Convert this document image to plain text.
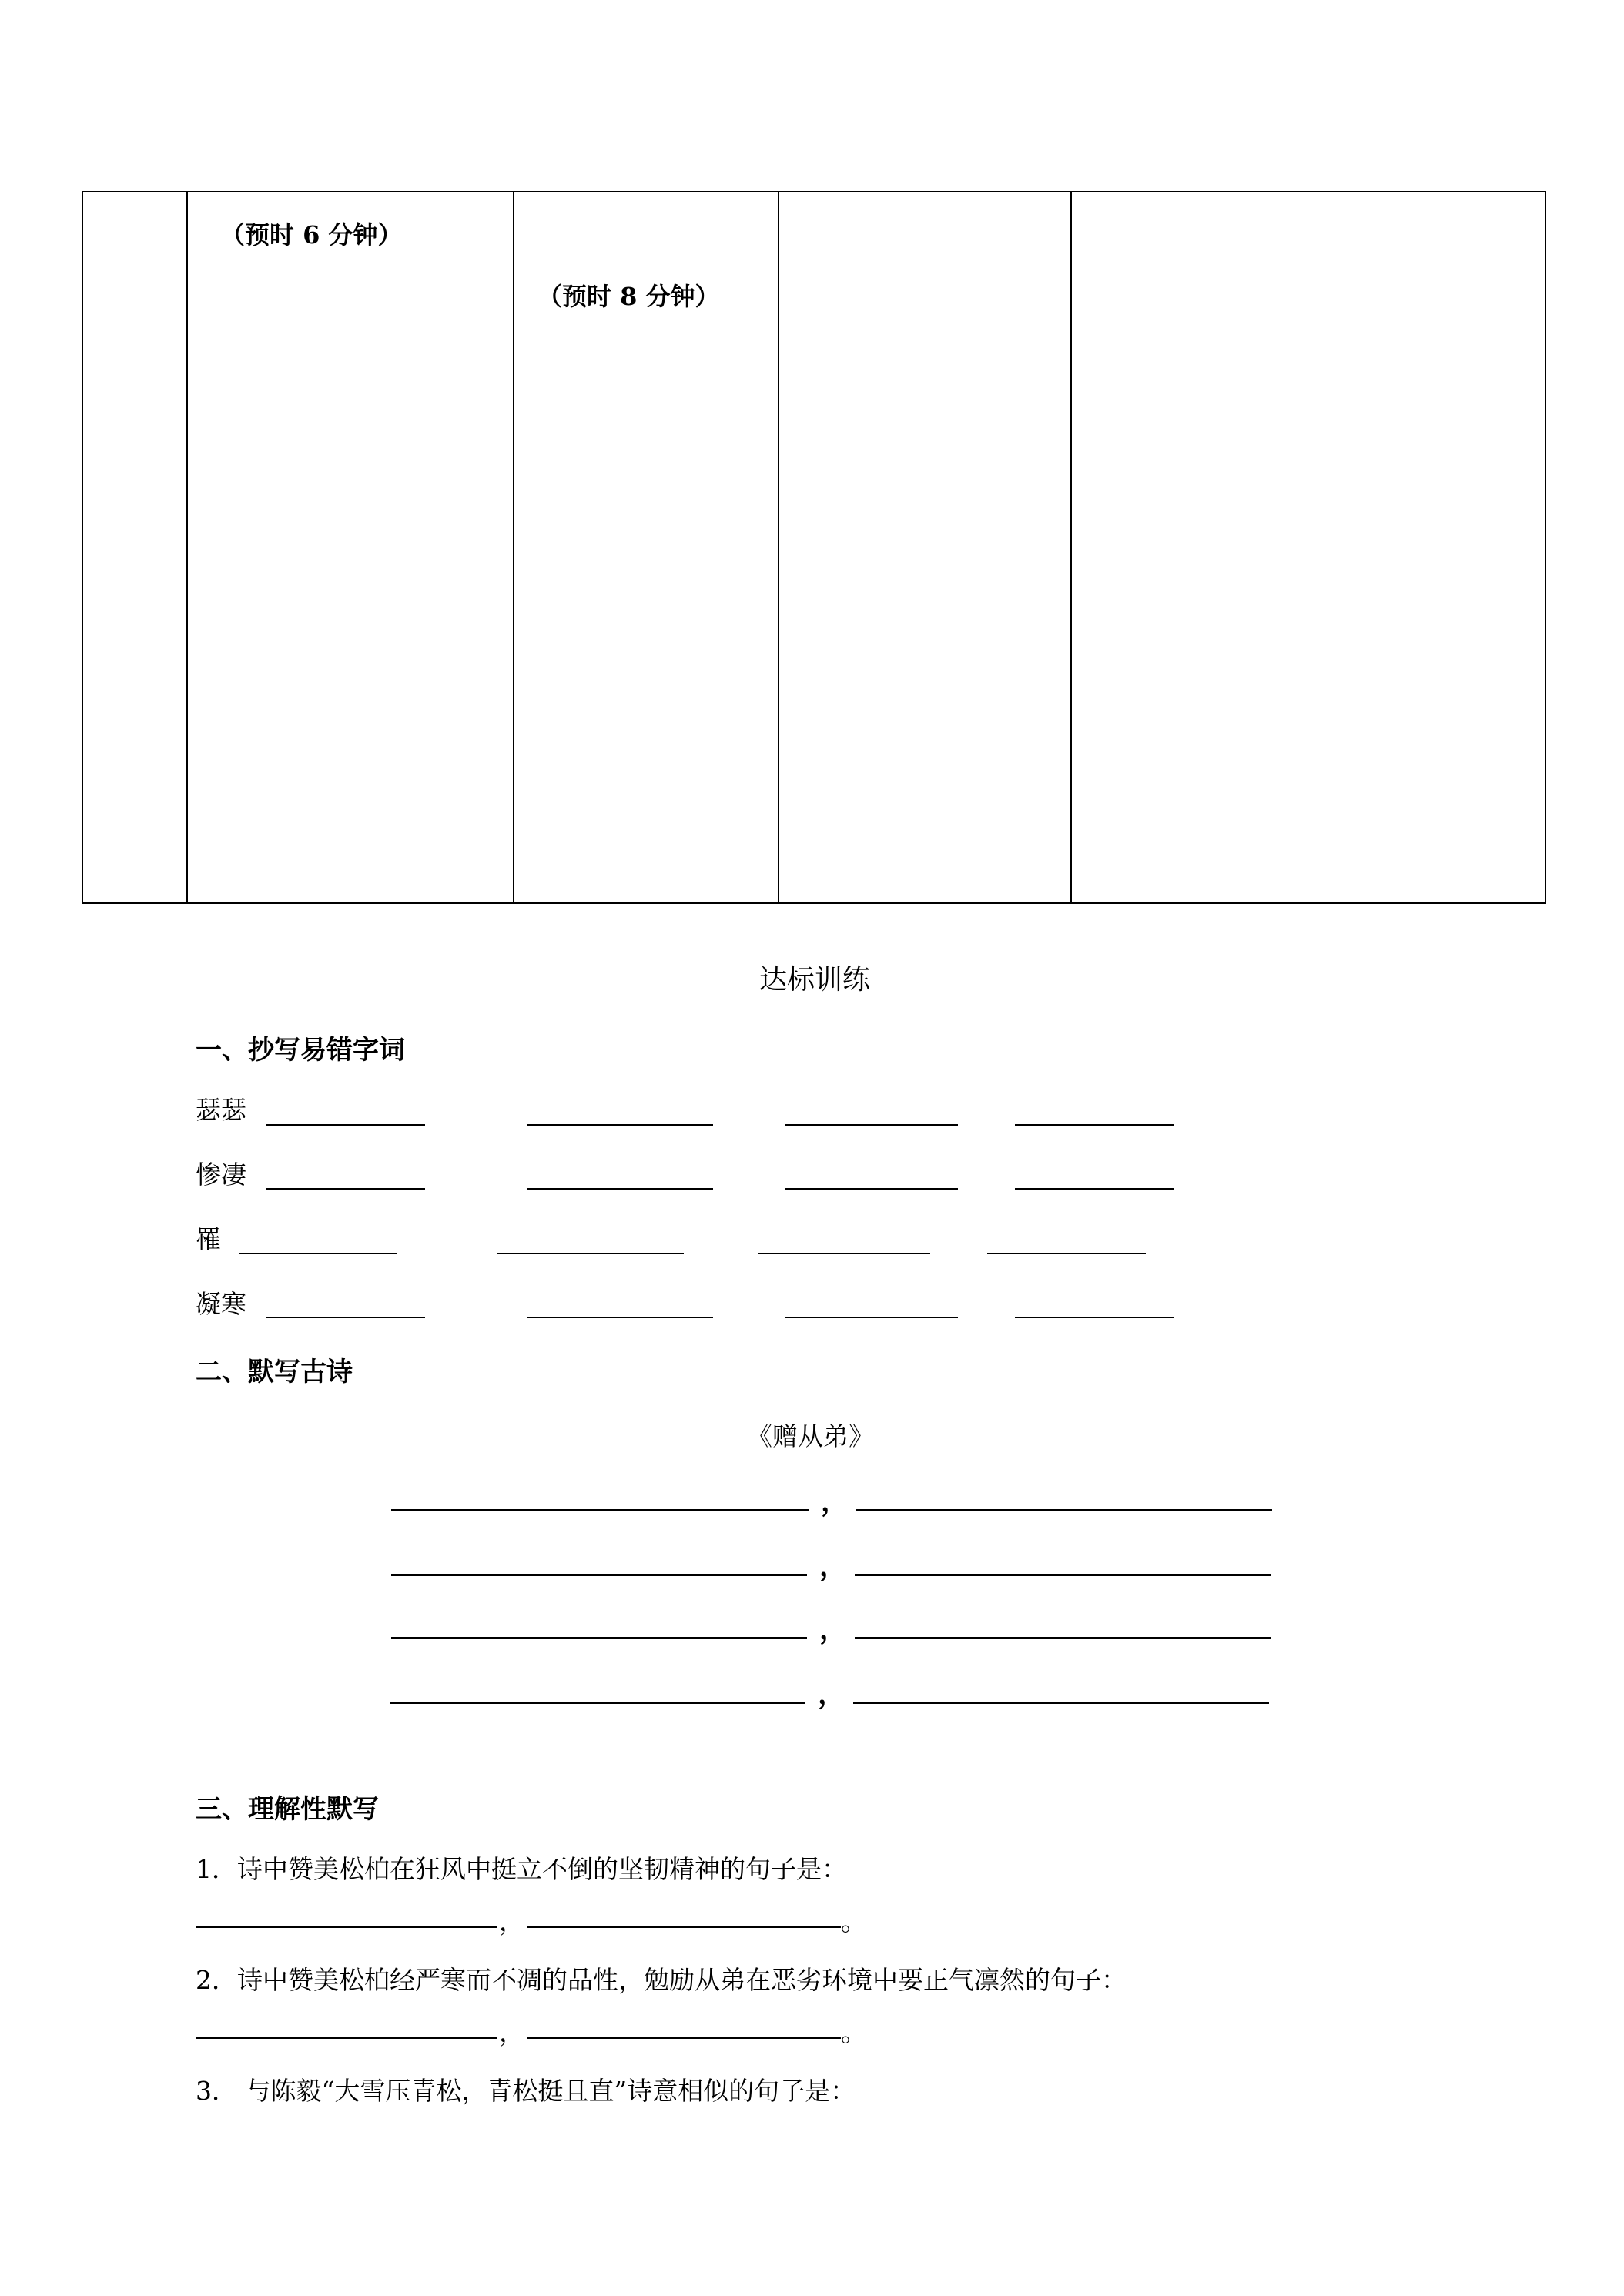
（预时 6 分钟）
（预时 8 分钟）
达标训练
一、抄写易错字词
瑟瑟
惨凄
罹
凝寒
二、默写古诗
《赠从弟》
，
，
，
，
三、理解性默写
1．诗中赞美松柏在狂风中挺立不倒的坚韧精神的句子是：
，	。
2．诗中赞美松柏经严寒而不凋的品性，勉励从弟在恶劣环境中要正气凛然的句子：
，	。
3． 与陈毅“大雪压青松，青松挺且直”诗意相似的句子是：
